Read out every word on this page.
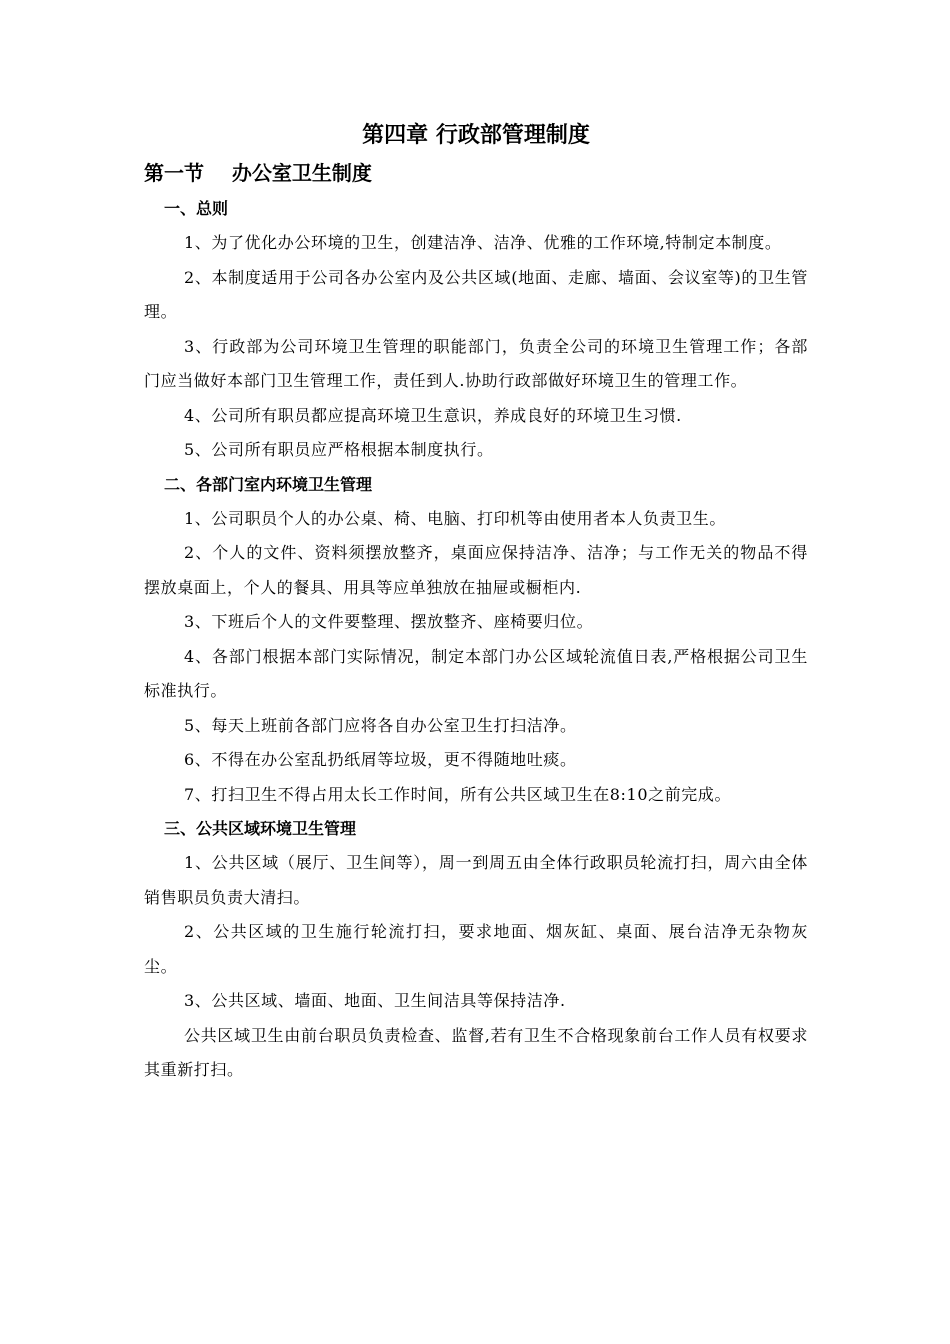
第四章 行政部管理制度
第一节    办公室卫生制度
一、总则

1、为了优化办公环境的卫生，创建洁净、洁净、优雅的工作环境,特制定本制度。

2、本制度适用于公司各办公室内及公共区域(地面、走廊、墙面、会议室等)的卫生管理。

3、行政部为公司环境卫生管理的职能部门，负责全公司的环境卫生管理工作；各部门应当做好本部门卫生管理工作，责任到人.协助行政部做好环境卫生的管理工作。

4、公司所有职员都应提高环境卫生意识，养成良好的环境卫生习惯.

5、公司所有职员应严格根据本制度执行。

二、各部门室内环境卫生管理

1、公司职员个人的办公桌、椅、电脑、打印机等由使用者本人负责卫生。

2、个人的文件、资料须摆放整齐，桌面应保持洁净、洁净；与工作无关的物品不得摆放桌面上，个人的餐具、用具等应单独放在抽屉或橱柜内.

3、下班后个人的文件要整理、摆放整齐、座椅要归位。

4、各部门根据本部门实际情况，制定本部门办公区域轮流值日表,严格根据公司卫生标准执行。

5、每天上班前各部门应将各自办公室卫生打扫洁净。

6、不得在办公室乱扔纸屑等垃圾，更不得随地吐痰。

7、打扫卫生不得占用太长工作时间，所有公共区域卫生在8:10之前完成。

三、公共区域环境卫生管理

1、公共区域（展厅、卫生间等），周一到周五由全体行政职员轮流打扫，周六由全体销售职员负责大清扫。

2、公共区域的卫生施行轮流打扫，要求地面、烟灰缸、桌面、展台洁净无杂物灰尘。

3、公共区域、墙面、地面、卫生间洁具等保持洁净.

公共区域卫生由前台职员负责检查、监督,若有卫生不合格现象前台工作人员有权要求其重新打扫。
